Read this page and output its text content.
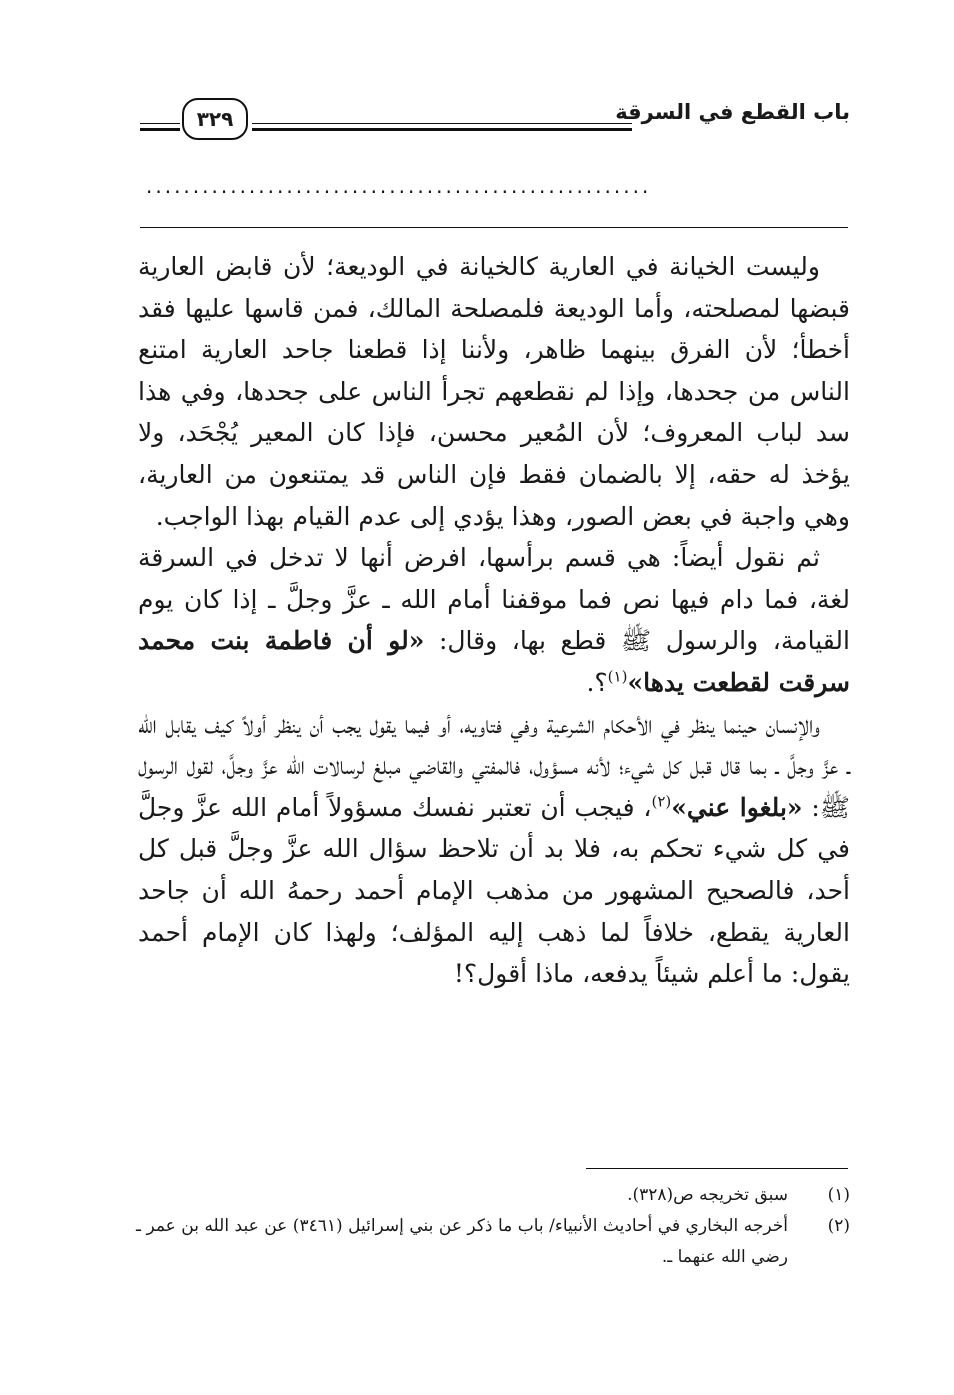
باب القطع في السرقة
٣٢٩
......................................................

وليست الخيانة في العارية كالخيانة في الوديعة؛ لأن قابض العارية قبضها لمصلحته، وأما الوديعة فلمصلحة المالك، فمن قاسها عليها فقد أخطأ؛ لأن الفرق بينهما ظاهر، ولأننا إذا قطعنا جاحد العارية امتنع الناس من جحدها، وإذا لم نقطعهم تجرأ الناس على جحدها، وفي هذا سد لباب المعروف؛ لأن المُعير محسن، فإذا كان المعير يُجْحَد، ولا يؤخذ له حقه، إلا بالضمان فقط فإن الناس قد يمتنعون من العارية، وهي واجبة في بعض الصور، وهذا يؤدي إلى عدم القيام بهذا الواجب.

ثم نقول أيضاً: هي قسم برأسها، افرض أنها لا تدخل في السرقة لغة، فما دام فيها نص فما موقفنا أمام الله ـ عزَّ وجلَّ ـ إذا كان يوم القيامة، والرسول ﷺ قطع بها، وقال: «لو أن فاطمة بنت محمد سرقت لقطعت يدها»$^{(١)}$؟.

والإنسان حينما ينظر في الأحكام الشرعية وفي فتاويه، أو فيما يقول يجب أن ينظر أولاً كيف يقابل الله ـ عزَّ وجلَّ ـ بما قال قبل كل شيء؛ لأنه مسؤول، فالمفتي والقاضي مبلغ لرسالات الله عزَّ وجلَّ، لقول الرسول ﷺ: «بلغوا عني»$^{(٢)}$، فيجب أن تعتبر نفسك مسؤولاً أمام الله عزَّ وجلَّ في كل شيء تحكم به، فلا بد أن تلاحظ سؤال الله عزَّ وجلَّ قبل كل أحد، فالصحيح المشهور من مذهب الإمام أحمد رحمهُ الله أن جاحد العارية يقطع، خلافاً لما ذهب إليه المؤلف؛ ولهذا كان الإمام أحمد يقول: ما أعلم شيئاً يدفعه، ماذا أقول؟!

(١)
سبق تخريجه ص(٣٢٨).
(٢)
أخرجه البخاري في أحاديث الأنبياء/ باب ما ذكر عن بني إسرائيل (٣٤٦١) عن عبد الله بن عمر ـ رضي الله عنهما ـ.
